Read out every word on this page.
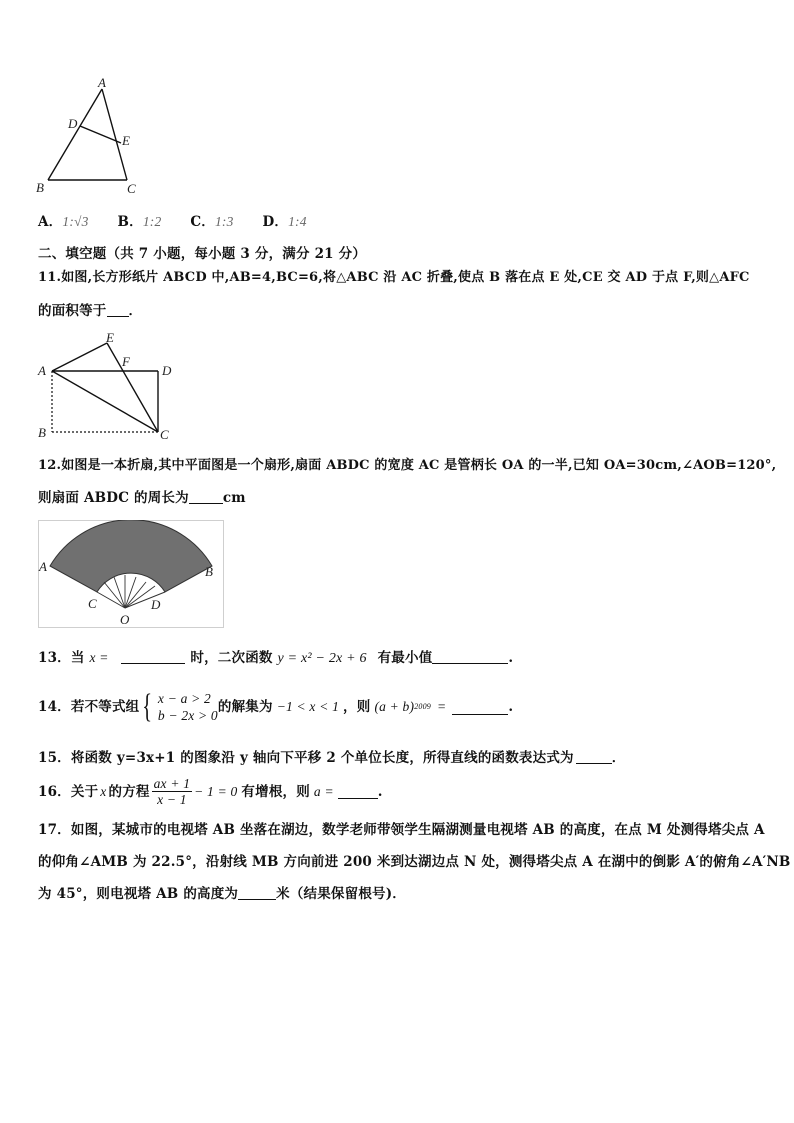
A
D
E
B	C
A．1:√3 B．1:2 C．1:3 D．1:4
二、填空题（共 7 小题，每小题 3 分，满分 21 分）
11.如图,长方形纸片 ABCD 中,AB=4,BC=6,将△ABC 沿 AC 折叠,使点 B 落在点 E 处,CE 交 AD 于点 F,则△AFC
的面积等于 ．
E
F
A	D
B	C
12.如图是一本折扇,其中平面图是一个扇形,扇面 ABDC 的宽度 AC 是管柄长 OA 的一半,已知 OA=30cm,∠AOB=120°,
则扇面 ABDC 的周长为	cm
A	B
C	D
O
13．当 x =	时，二次函数 y = x² − 2x + 6 有最小值	.
14．若不等式组 { x − a > 2
b − 2x > 0
的解集为 −1 < x < 1 ，则 (a + b) 2009 =	.
15．将函数 y=3x+1 的图象沿 y 轴向下平移 2 个单位长度，所得直线的函数表达式为	．
16．关于 x 的方程 $\frac{ax + 1}{x - 1} - 1 = 0$ 有增根，则 a =	.
17．如图，某城市的电视塔 AB 坐落在湖边，数学老师带领学生隔湖测量电视塔 AB 的高度，在点 M 处测得塔尖点 A
的仰角∠AMB 为 22.5°，沿射线 MB 方向前进 200 米到达湖边点 N 处，测得塔尖点 A 在湖中的倒影 A′的俯角∠A′NB
为 45°，则电视塔 AB 的高度为	米（结果保留根号)．
